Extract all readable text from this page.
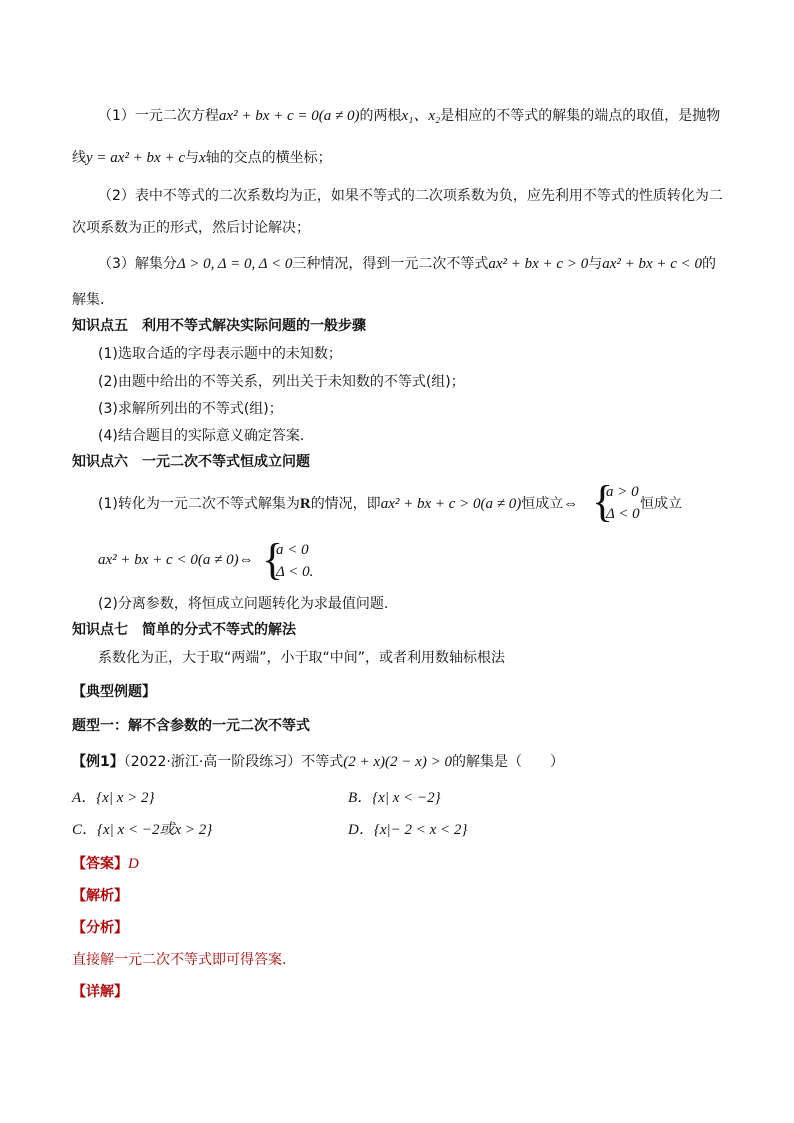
（1）一元二次方程ax² + bx + c = 0(a ≠ 0)的两根x₁、x₂是相应的不等式的解集的端点的取值，是抛物
线y = ax² + bx + c与x轴的交点的横坐标；
（2）表中不等式的二次系数均为正，如果不等式的二次项系数为负，应先利用不等式的性质转化为二
次项系数为正的形式，然后讨论解决；
（3）解集分Δ > 0, Δ = 0, Δ < 0三种情况，得到一元二次不等式ax² + bx + c > 0与ax² + bx + c < 0的
解集.
知识点五　利用不等式解决实际问题的一般步骤
(1)选取合适的字母表示题中的未知数；
(2)由题中给出的不等关系，列出关于未知数的不等式(组)；
(3)求解所列出的不等式(组)；
(4)结合题目的实际意义确定答案．
知识点六　一元二次不等式恒成立问题
(1)转化为一元二次不等式解集为R的情况，即ax² + bx + c > 0(a ≠ 0)恒成立⇔ {
a > 0
Δ < 0
恒成立
ax² + bx + c < 0(a ≠ 0)⇔ {
a < 0
Δ < 0.
(2)分离参数，将恒成立问题转化为求最值问题.
知识点七　简单的分式不等式的解法
系数化为正，大于取“两端”，小于取“中间”，或者利用数轴标根法
【典型例题】
题型一：解不含参数的一元二次不等式
【例1】（2022·浙江·高一阶段练习）不等式(2 + x)(2 − x) > 0的解集是（　　）
A．{x| x > 2}	B．{x| x < −2}
C．{x| x < −2或x > 2}	D．{x|− 2 < x < 2}
【答案】D
【解析】
【分析】
直接解一元二次不等式即可得答案.
【详解】
